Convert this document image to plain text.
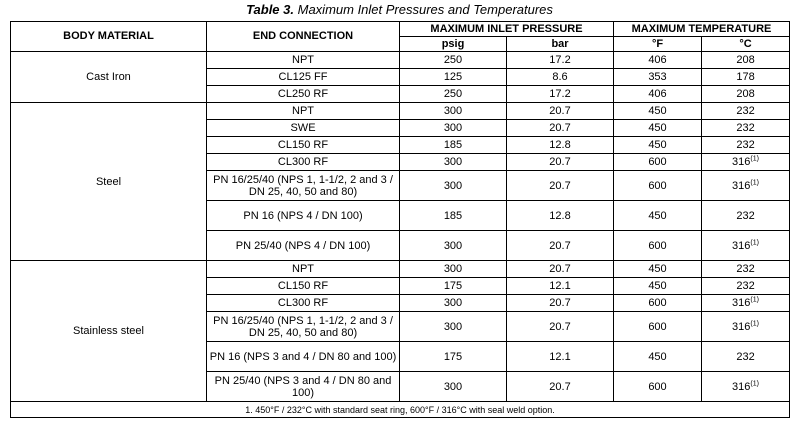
Table 3. Maximum Inlet Pressures and Temperatures
BODY MATERIAL	END CONNECTION	MAXIMUM INLET PRESSURE		MAXIMUM TEMPERATURE	
		psig	bar	°F	°C
Cast Iron	NPT	250	17.2	406	208
	CL125 FF	125	8.6	353	178
	CL250 RF	250	17.2	406	208
Steel	NPT	300	20.7	450	232
	SWE	300	20.7	450	232
	CL150 RF	185	12.8	450	232
	CL300 RF	300	20.7	600	316$^{(1)}$
	PN 16/25/40 (NPS 1, 1-1/2, 2 and 3 / DN 25, 40, 50 and 80)	300	20.7	600	316$^{(1)}$
	PN 16 (NPS 4 / DN 100)	185	12.8	450	232
	PN 25/40 (NPS 4 / DN 100)	300	20.7	600	316$^{(1)}$
Stainless steel	NPT	300	20.7	450	232
	CL150 RF	175	12.1	450	232
	CL300 RF	300	20.7	600	316$^{(1)}$
	PN 16/25/40 (NPS 1, 1-1/2, 2 and 3 / DN 25, 40, 50 and 80)	300	20.7	600	316$^{(1)}$
	PN 16 (NPS 3 and 4 / DN 80 and 100)	175	12.1	450	232
	PN 25/40 (NPS 3 and 4 / DN 80 and 100)	300	20.7	600	316$^{(1)}$
1. 450°F / 232°C with standard seat ring, 600°F / 316°C with seal weld option.					
